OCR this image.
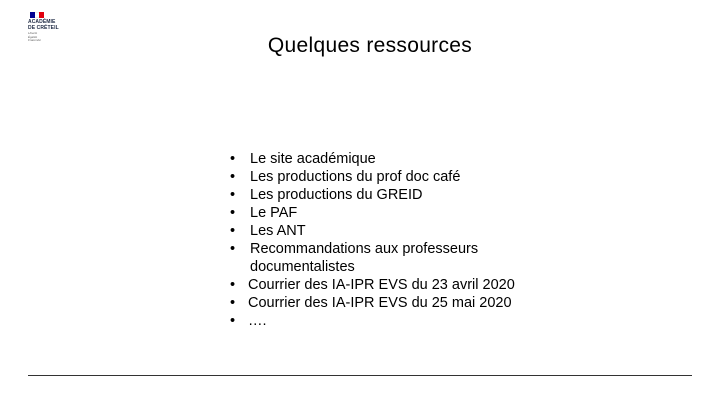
ACADÉMIE
DE CRÉTEIL
Liberté
Égalité
Fraternité	Quelques ressources
• Le site académique
• Les productions du prof doc café
• Les productions du GREID
• Le PAF
• Les ANT
• Recommandations aux professeurs documentalistes
• Courrier des IA-IPR EVS du 23 avril 2020
• Courrier des IA-IPR EVS du 25 mai 2020
• ….
